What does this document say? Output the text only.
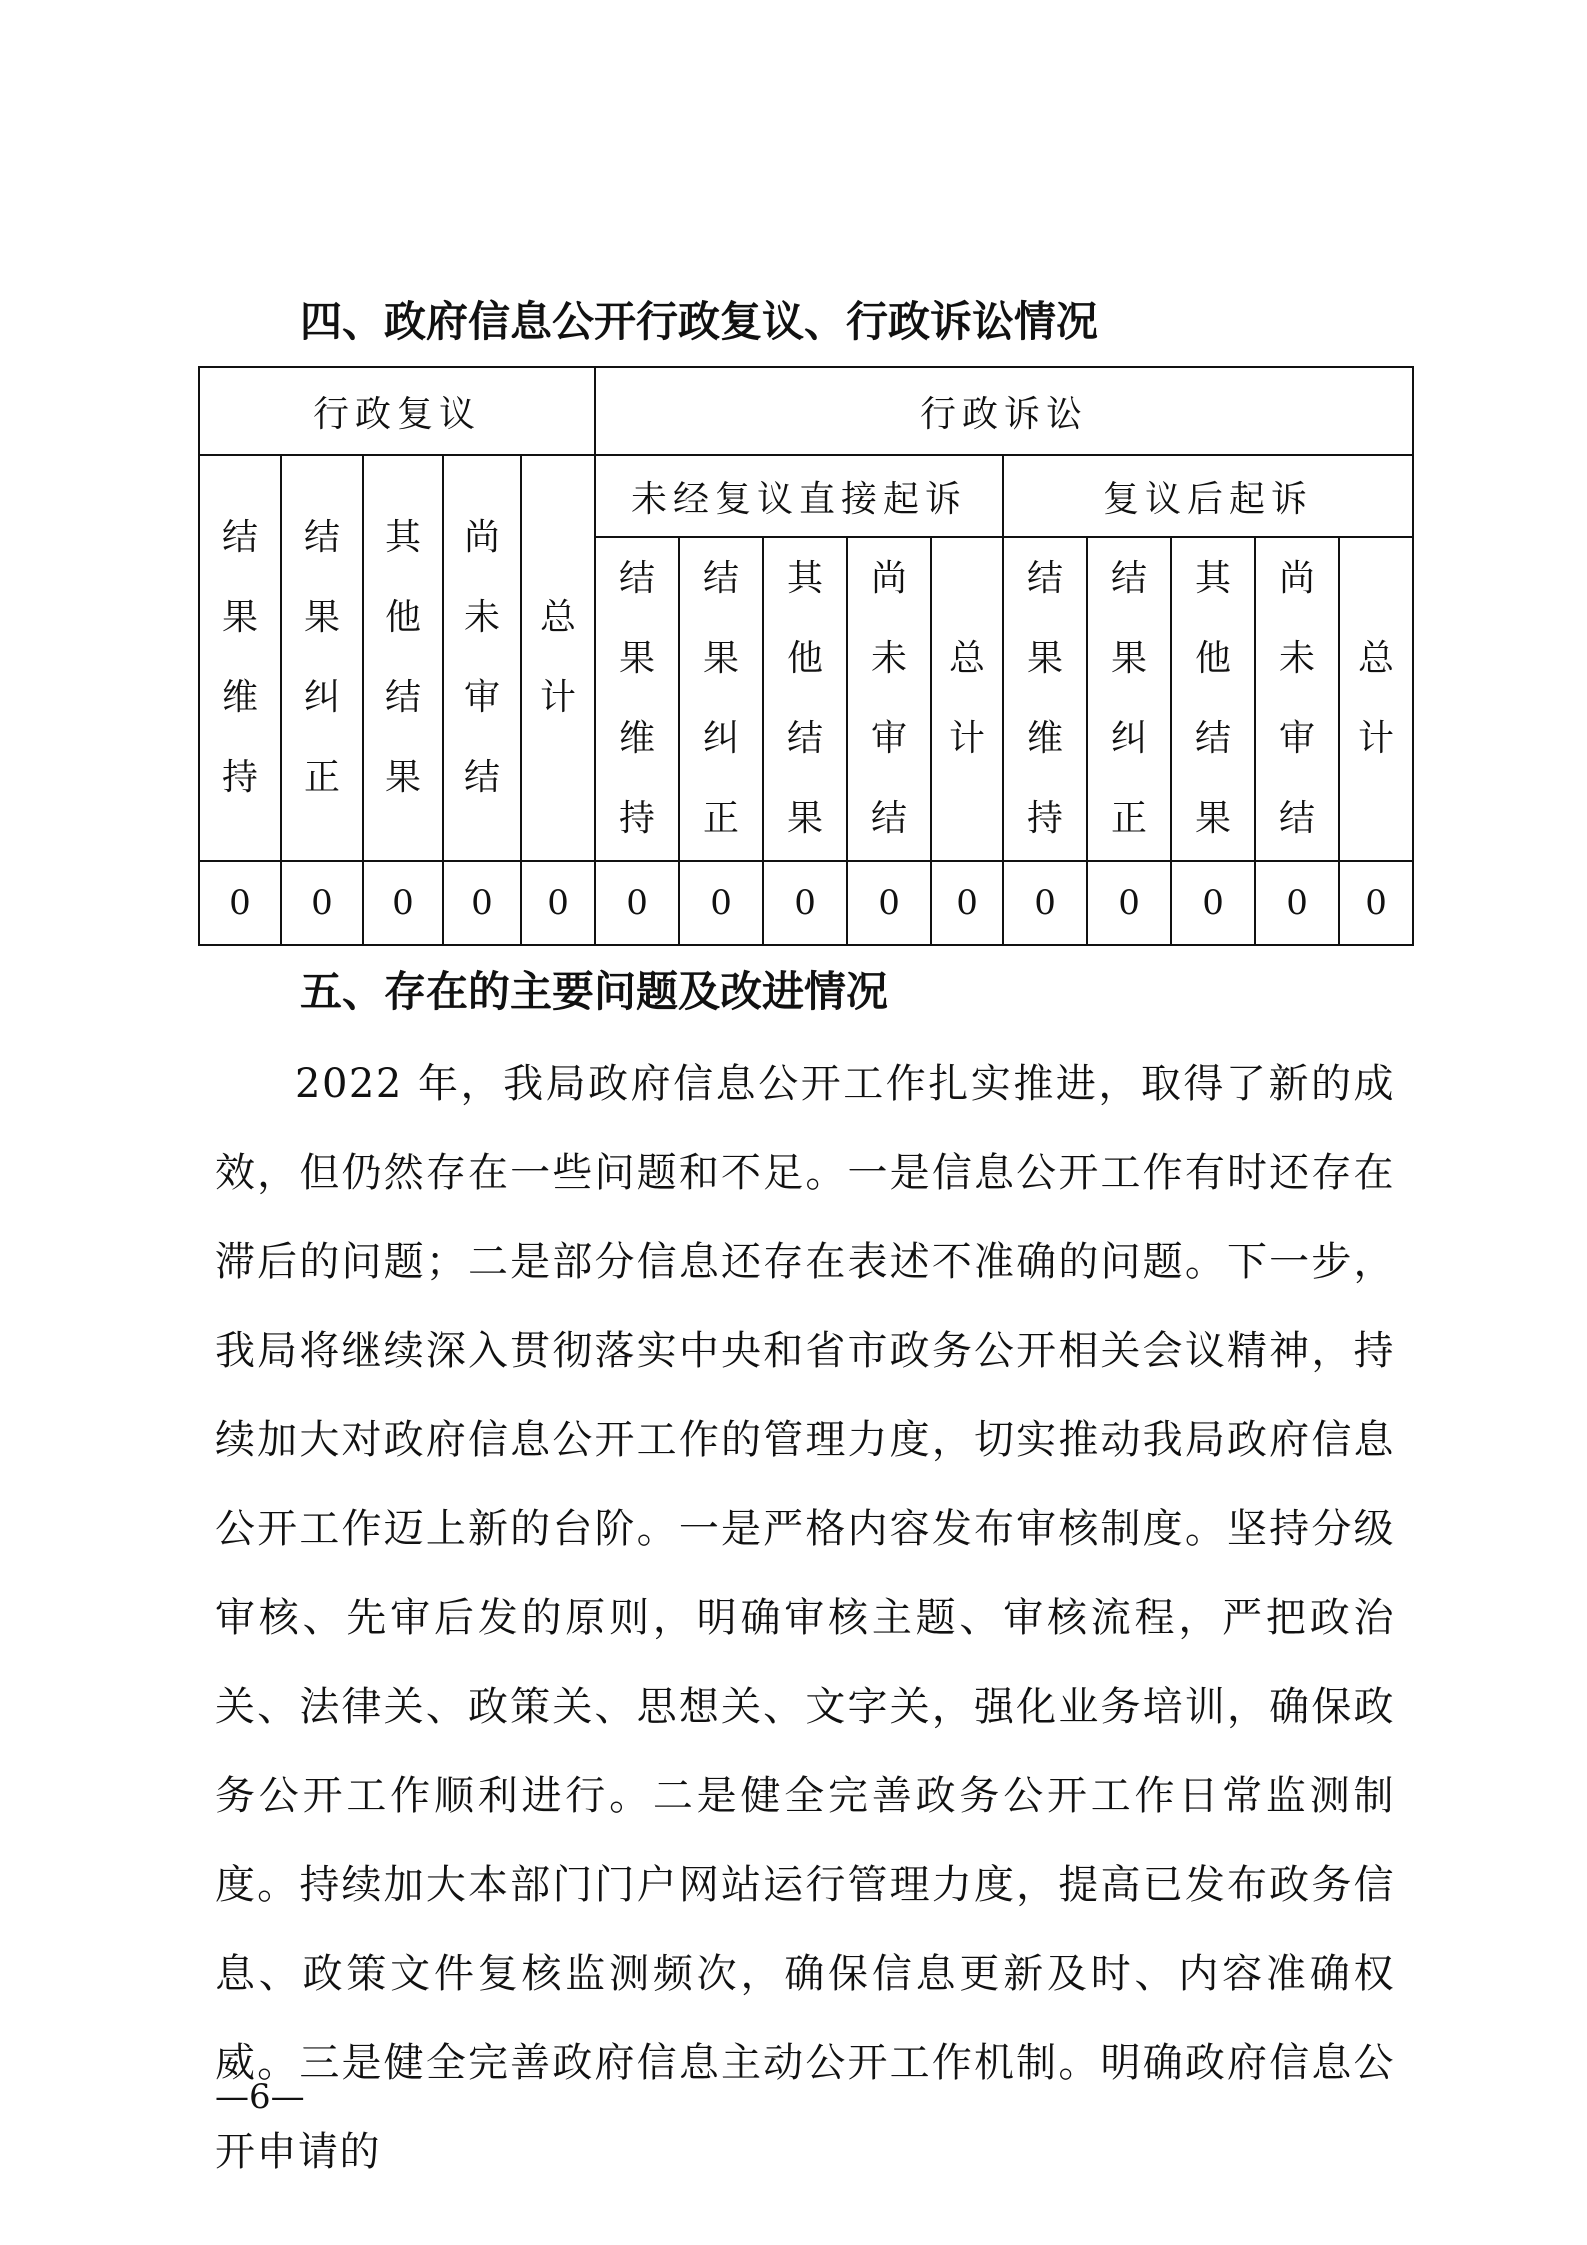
四、政府信息公开行政复议、行政诉讼情况
行政复议					行政诉讼									
结果维持	结果纠正	其他结果	尚未审结	总计	未经复议直接起诉					复议后起诉				
					结果维持	结果纠正	其他结果	尚未审结	总计	结果维持	结果纠正	其他结果	尚未审结	总计
0	0	0	0	0	0	0	0	0	0	0	0	0	0	0
五、存在的主要问题及改进情况

2022 年，我局政府信息公开工作扎实推进，取得了新的成效，但仍然存在一些问题和不足。一是信息公开工作有时还存在滞后的问题；二是部分信息还存在表述不准确的问题。下一步，我局将继续深入贯彻落实中央和省市政务公开相关会议精神，持续加大对政府信息公开工作的管理力度，切实推动我局政府信息公开工作迈上新的台阶。一是严格内容发布审核制度。坚持分级审核、先审后发的原则，明确审核主题、审核流程，严把政治关、法律关、政策关、思想关、文字关，强化业务培训，确保政务公开工作顺利进行。二是健全完善政务公开工作日常监测制度。持续加大本部门门户网站运行管理力度，提高已发布政务信息、政策文件复核监测频次，确保信息更新及时、内容准确权威。三是健全完善政府信息主动公开工作机制。明确政府信息公开申请的

—6—
